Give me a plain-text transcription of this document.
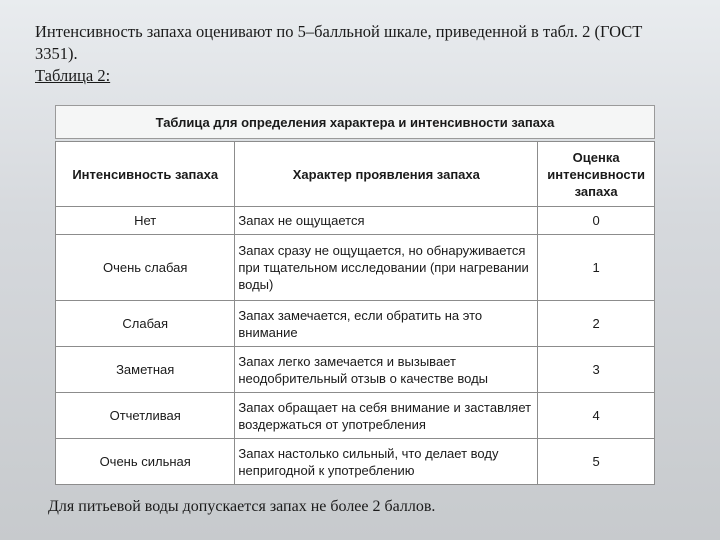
Интенсивность запаха оценивают по 5–балльной шкале, приведенной в табл. 2 (ГОСТ 3351).

Таблица 2:

Таблица для определения характера и интенсивности запаха
Интенсивность запаха	Характер проявления запаха	Оценка интенсивности запаха
Нет	Запах не ощущается	0
Очень слабая	Запах сразу не ощущается, но обнаруживается при тщательном исследовании (при нагревании воды)	1
Слабая	Запах замечается, если обратить на это внимание	2
Заметная	Запах легко замечается и вызывает неодобрительный отзыв о качестве воды	3
Отчетливая	Запах обращает на себя внимание и заставляет воздержаться от употребления	4
Очень сильная	Запах настолько сильный, что делает воду непригодной к употреблению	5
Для питьевой воды допускается запах не более 2 баллов.
